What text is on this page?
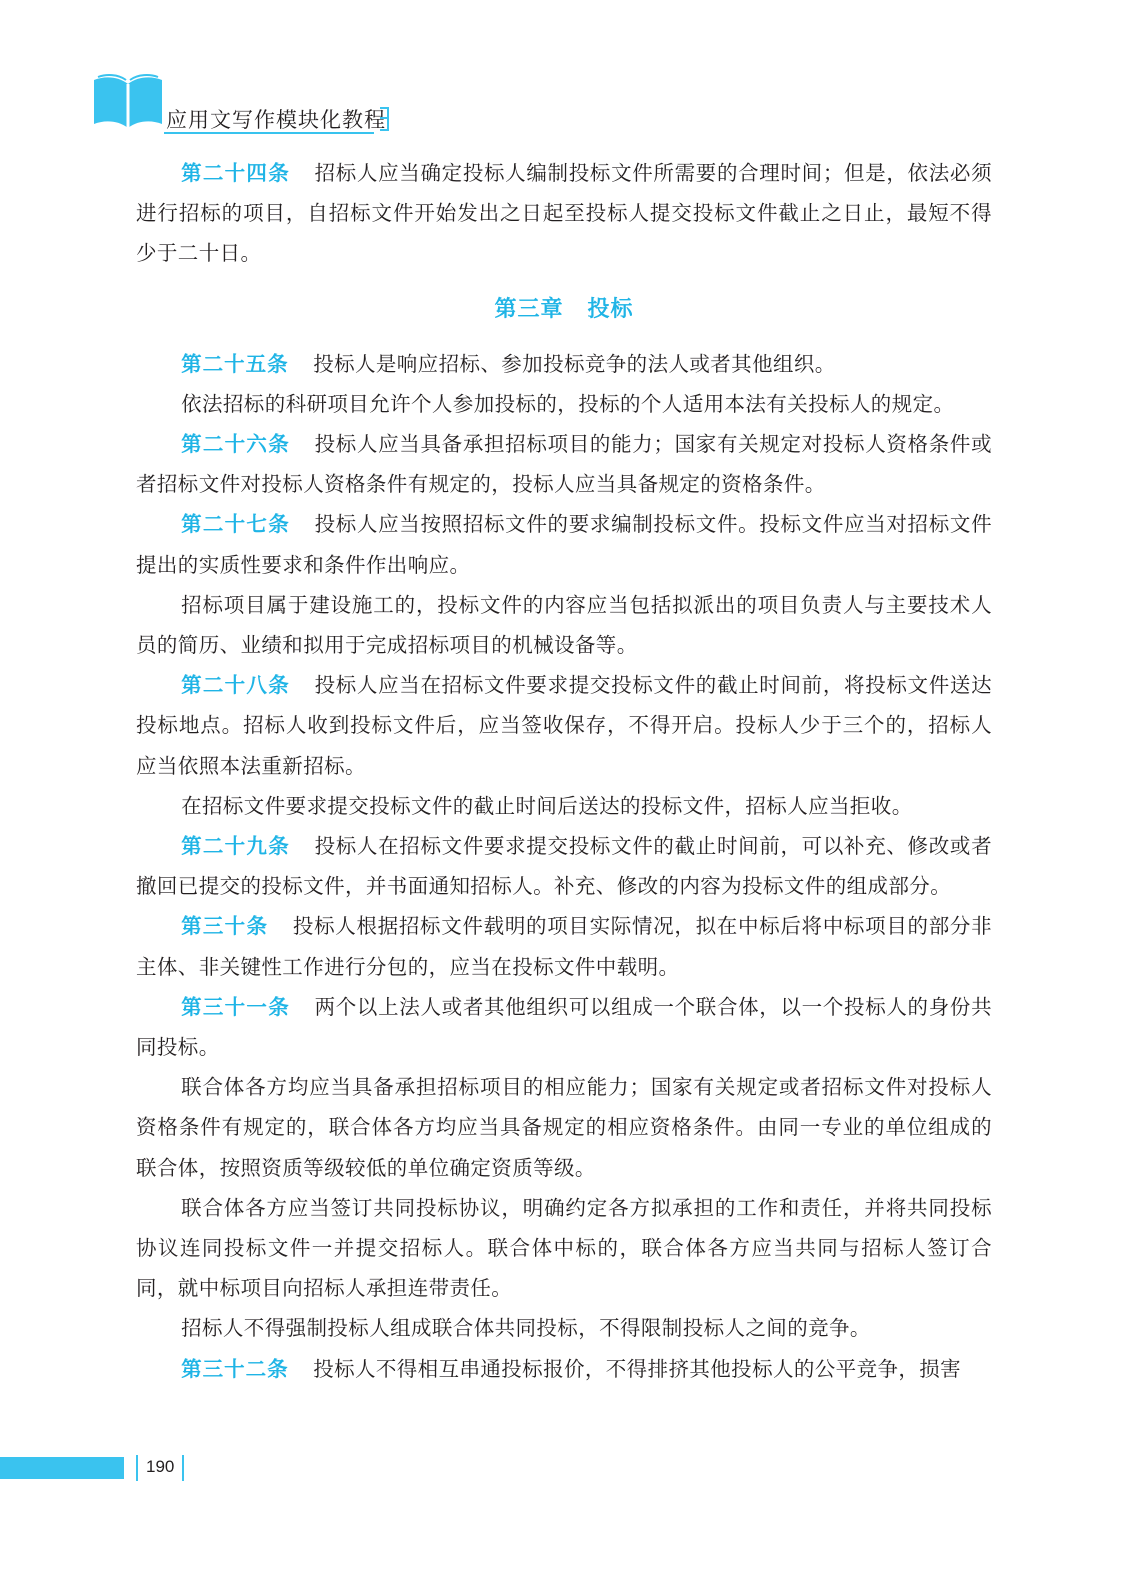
应用文写作模块化教程

第二十四条 招标人应当确定投标人编制投标文件所需要的合理时间；但是，依法必须进行招标的项目，自招标文件开始发出之日起至投标人提交投标文件截止之日止，最短不得少于二十日。

第三章 投标

第二十五条 投标人是响应招标、参加投标竞争的法人或者其他组织。

依法招标的科研项目允许个人参加投标的，投标的个人适用本法有关投标人的规定。

第二十六条 投标人应当具备承担招标项目的能力；国家有关规定对投标人资格条件或者招标文件对投标人资格条件有规定的，投标人应当具备规定的资格条件。

第二十七条 投标人应当按照招标文件的要求编制投标文件。投标文件应当对招标文件提出的实质性要求和条件作出响应。

招标项目属于建设施工的，投标文件的内容应当包括拟派出的项目负责人与主要技术人员的简历、业绩和拟用于完成招标项目的机械设备等。

第二十八条 投标人应当在招标文件要求提交投标文件的截止时间前，将投标文件送达投标地点。招标人收到投标文件后，应当签收保存，不得开启。投标人少于三个的，招标人应当依照本法重新招标。

在招标文件要求提交投标文件的截止时间后送达的投标文件，招标人应当拒收。

第二十九条 投标人在招标文件要求提交投标文件的截止时间前，可以补充、修改或者撤回已提交的投标文件，并书面通知招标人。补充、修改的内容为投标文件的组成部分。

第三十条 投标人根据招标文件载明的项目实际情况，拟在中标后将中标项目的部分非主体、非关键性工作进行分包的，应当在投标文件中载明。

第三十一条 两个以上法人或者其他组织可以组成一个联合体，以一个投标人的身份共同投标。

联合体各方均应当具备承担招标项目的相应能力；国家有关规定或者招标文件对投标人资格条件有规定的，联合体各方均应当具备规定的相应资格条件。由同一专业的单位组成的联合体，按照资质等级较低的单位确定资质等级。

联合体各方应当签订共同投标协议，明确约定各方拟承担的工作和责任，并将共同投标协议连同投标文件一并提交招标人。联合体中标的，联合体各方应当共同与招标人签订合同，就中标项目向招标人承担连带责任。

招标人不得强制投标人组成联合体共同投标，不得限制投标人之间的竞争。

第三十二条 投标人不得相互串通投标报价，不得排挤其他投标人的公平竞争，损害

190
